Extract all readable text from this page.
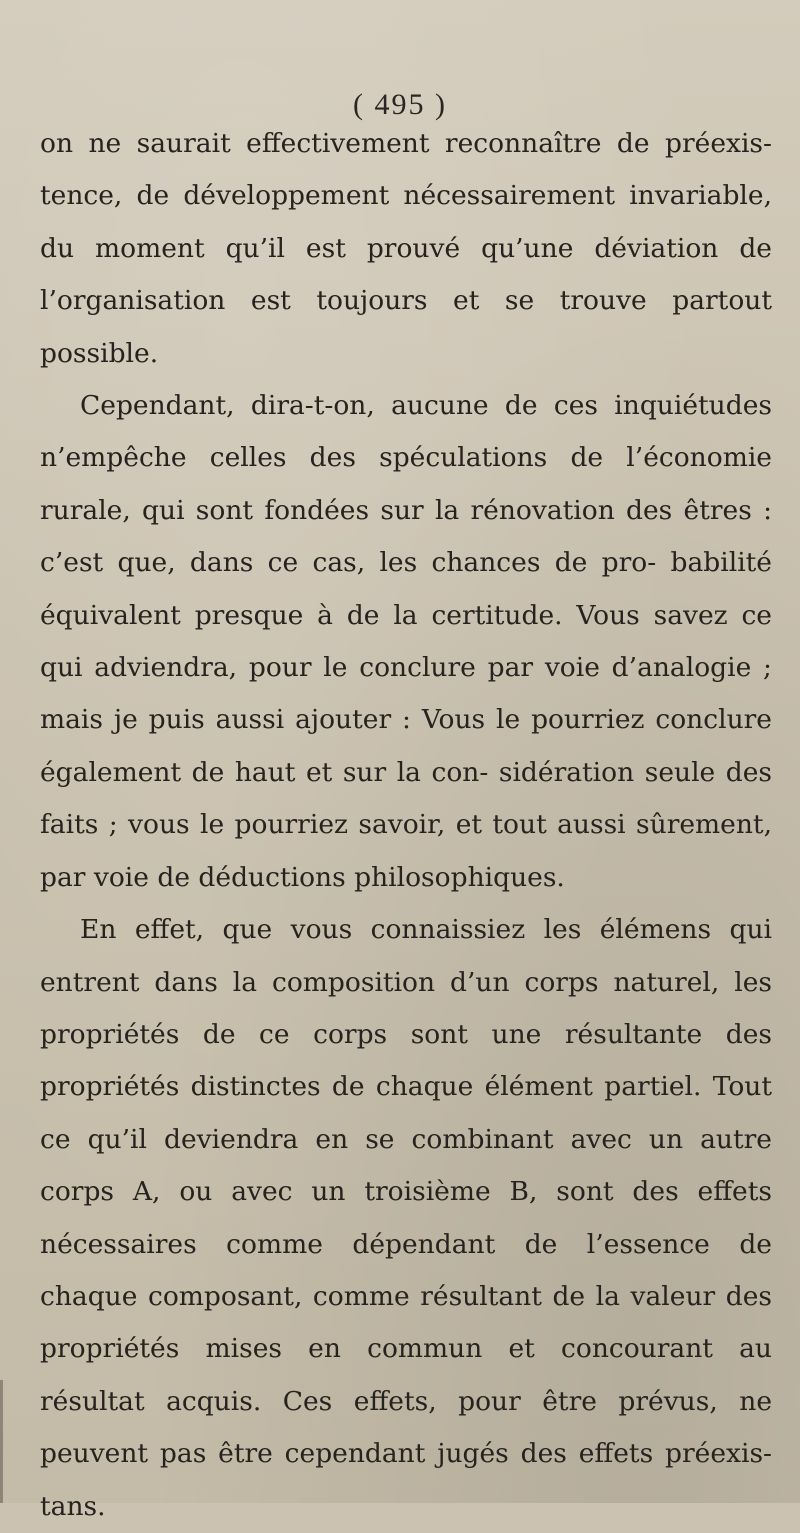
( 495 )

on ne saurait effectivement reconnaître de préexis- tence, de développement nécessairement invariable, du moment qu’il est prouvé qu’une déviation de l’organisation est toujours et se trouve partout possible.

Cependant, dira-t-on, aucune de ces inquiétudes n’empêche celles des spéculations de l’économie rurale, qui sont fondées sur la rénovation des êtres : c’est que, dans ce cas, les chances de pro- babilité équivalent presque à de la certitude. Vous savez ce qui adviendra, pour le conclure par voie d’analogie ; mais je puis aussi ajouter : Vous le pourriez conclure également de haut et sur la con- sidération seule des faits ; vous le pourriez savoir, et tout aussi sûrement, par voie de déductions philosophiques.

En effet, que vous connaissiez les élémens qui entrent dans la composition d’un corps naturel, les propriétés de ce corps sont une résultante des propriétés distinctes de chaque élément partiel. Tout ce qu’il deviendra en se combinant avec un autre corps A, ou avec un troisième B, sont des effets nécessaires comme dépendant de l’essence de chaque composant, comme résultant de la valeur des propriétés mises en commun et concourant au résultat acquis. Ces effets, pour être prévus, ne peuvent pas être cependant jugés des effets préexis- tans.
